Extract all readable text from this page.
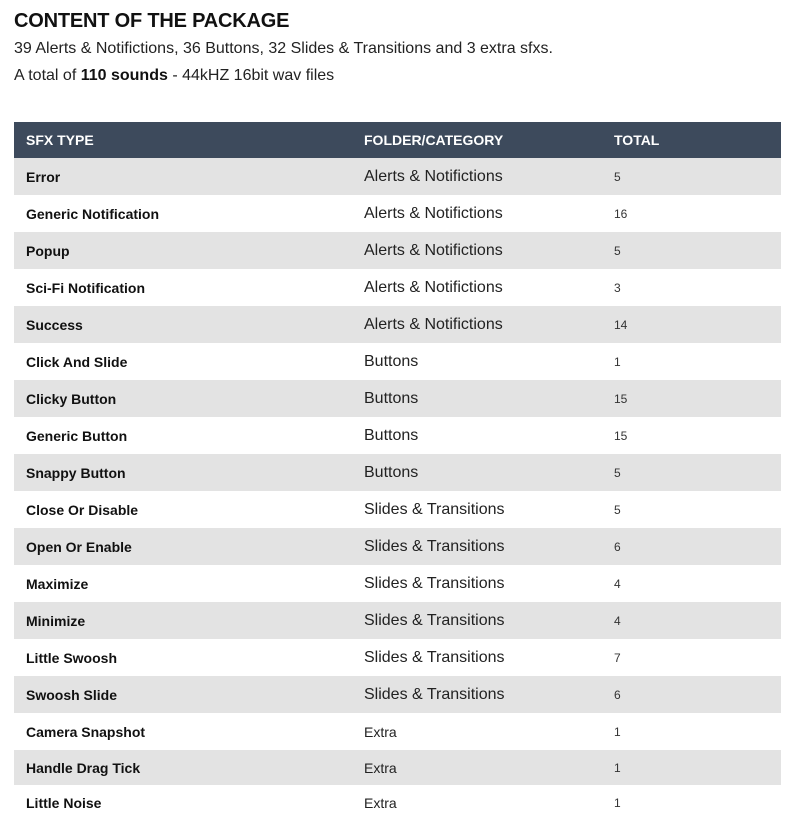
CONTENT OF THE PACKAGE
39 Alerts & Notifictions, 36 Buttons, 32 Slides & Transitions and 3 extra sfxs.
A total of 110 sounds - 44kHZ 16bit wav files
SFX TYPE	FOLDER/CATEGORY	TOTAL
Error	Alerts & Notifictions	5
Generic Notification	Alerts & Notifictions	16
Popup	Alerts & Notifictions	5
Sci-Fi Notification	Alerts & Notifictions	3
Success	Alerts & Notifictions	14
Click And Slide	Buttons	1
Clicky Button	Buttons	15
Generic Button	Buttons	15
Snappy Button	Buttons	5
Close Or Disable	Slides & Transitions	5
Open Or Enable	Slides & Transitions	6
Maximize	Slides & Transitions	4
Minimize	Slides & Transitions	4
Little Swoosh	Slides & Transitions	7
Swoosh Slide	Slides & Transitions	6
Camera Snapshot	Extra	1
Handle Drag Tick	Extra	1
Little Noise	Extra	1
